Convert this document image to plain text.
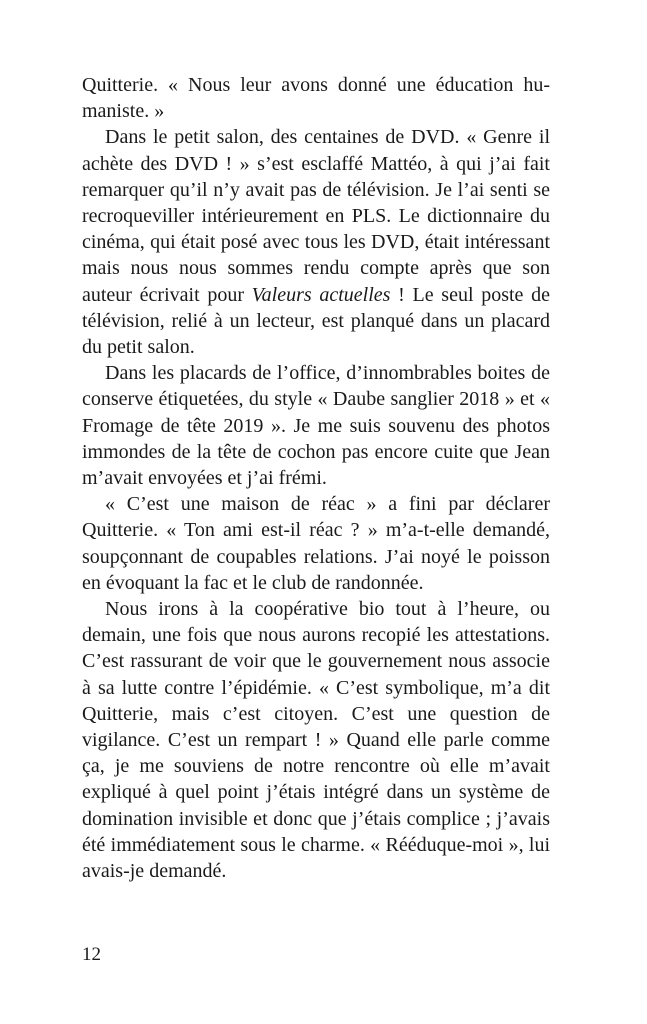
Quitterie. « Nous leur avons donné une éducation humaniste. »

Dans le petit salon, des centaines de DVD. « Genre il achète des DVD ! » s’est esclaffé Mattéo, à qui j’ai fait remarquer qu’il n’y avait pas de télévision. Je l’ai senti se recroqueviller intérieurement en PLS. Le dictionnaire du cinéma, qui était posé avec tous les DVD, était intéressant mais nous nous sommes rendu compte après que son auteur écrivait pour Valeurs actuelles ! Le seul poste de télévision, relié à un lecteur, est planqué dans un placard du petit salon.

Dans les placards de l’office, d’innombrables boites de conserve étiquetées, du style « Daube sanglier 2018 » et « Fromage de tête 2019 ». Je me suis souvenu des photos immondes de la tête de cochon pas encore cuite que Jean m’avait envoyées et j’ai frémi.

« C’est une maison de réac » a fini par déclarer Quitterie. « Ton ami est-il réac ? » m’a-t-elle demandé, soupçonnant de coupables relations. J’ai noyé le poisson en évoquant la fac et le club de randonnée.

Nous irons à la coopérative bio tout à l’heure, ou demain, une fois que nous aurons recopié les attestations. C’est rassurant de voir que le gouvernement nous associe à sa lutte contre l’épidémie. « C’est symbolique, m’a dit Quitterie, mais c’est citoyen. C’est une question de vigilance. C’est un rempart ! » Quand elle parle comme ça, je me souviens de notre rencontre où elle m’avait expliqué à quel point j’étais intégré dans un système de domination invisible et donc que j’étais complice ; j’avais été immédiatement sous le charme. « Rééduque-moi », lui avais-je demandé.

12
